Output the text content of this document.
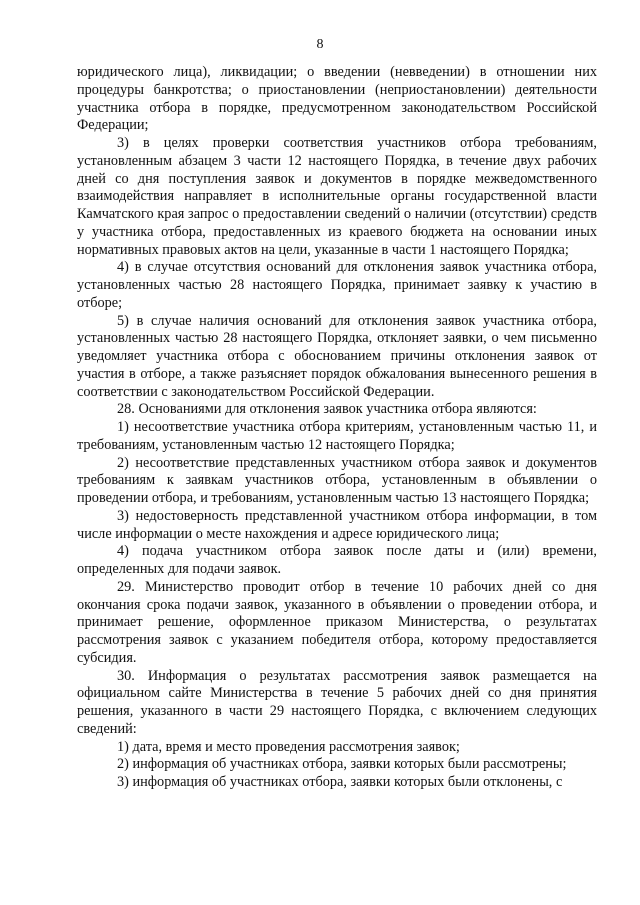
8

юридического лица), ликвидации; о введении (невведении) в отношении них процедуры банкротства; о приостановлении (неприостановлении) деятельности участника отбора в порядке, предусмотренном законодательством Российской Федерации;

3) в целях проверки соответствия участников отбора требованиям, установленным абзацем 3 части 12 настоящего Порядка, в течение двух рабочих дней со дня поступления заявок и документов в порядке межведомственного взаимодействия направляет в исполнительные органы государственной власти Камчатского края запрос о предоставлении сведений о наличии (отсутствии) средств у участника отбора, предоставленных из краевого бюджета на основании иных нормативных правовых актов на цели, указанные в части 1 настоящего Порядка;

4) в случае отсутствия оснований для отклонения заявок участника отбора, установленных частью 28 настоящего Порядка, принимает заявку к участию в отборе;

5) в случае наличия оснований для отклонения заявок участника отбора, установленных частью 28 настоящего Порядка, отклоняет заявки, о чем письменно уведомляет участника отбора с обоснованием причины отклонения заявок от участия в отборе, а также разъясняет порядок обжалования вынесенного решения в соответствии с законодательством Российской Федерации.

28. Основаниями для отклонения заявок участника отбора являются:

1) несоответствие участника отбора критериям, установленным частью 11, и требованиям, установленным частью 12 настоящего Порядка;

2) несоответствие представленных участником отбора заявок и документов требованиям к заявкам участников отбора, установленным в объявлении о проведении отбора, и требованиям, установленным частью 13 настоящего Порядка;

3) недостоверность представленной участником отбора информации, в том числе информации о месте нахождения и адресе юридического лица;

4) подача участником отбора заявок после даты и (или) времени, определенных для подачи заявок.

29. Министерство проводит отбор в течение 10 рабочих дней со дня окончания срока подачи заявок, указанного в объявлении о проведении отбора, и принимает решение, оформленное приказом Министерства, о результатах рассмотрения заявок с указанием победителя отбора, которому предоставляется субсидия.

30. Информация о результатах рассмотрения заявок размещается на официальном сайте Министерства в течение 5 рабочих дней со дня принятия решения, указанного в части 29 настоящего Порядка, с включением следующих сведений:

1) дата, время и место проведения рассмотрения заявок;

2) информация об участниках отбора, заявки которых были рассмотрены;

3) информация об участниках отбора, заявки которых были отклонены, с
